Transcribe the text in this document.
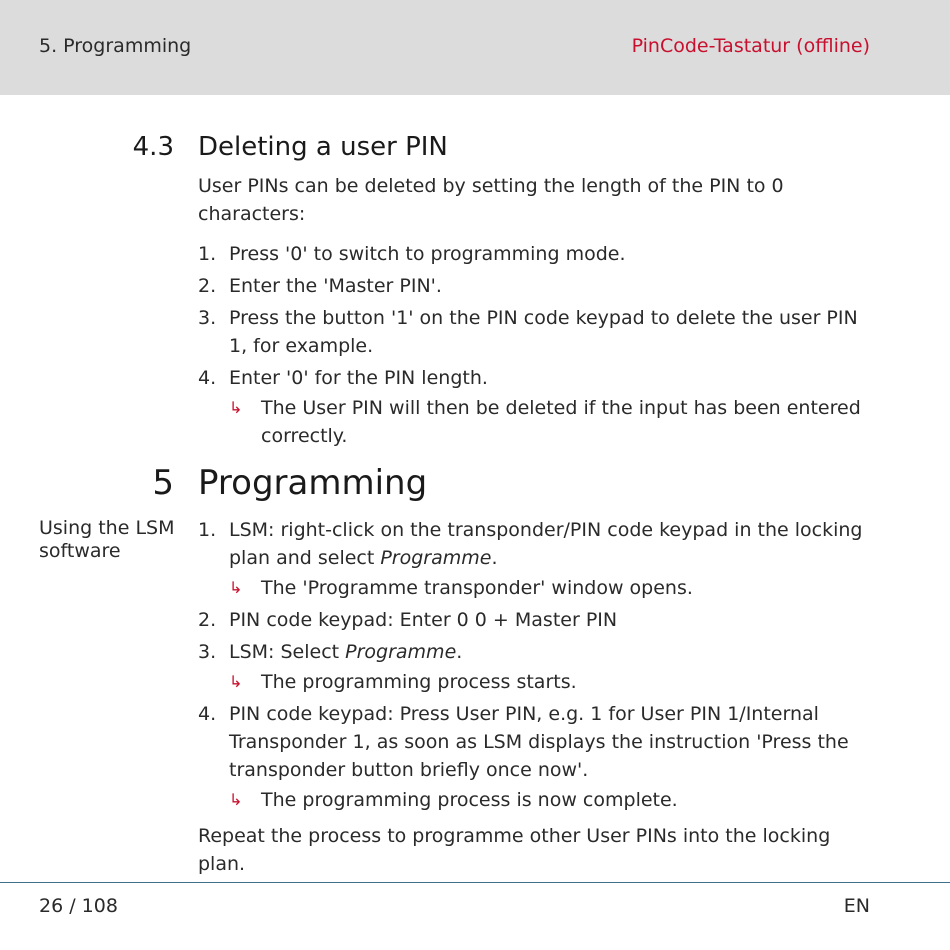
5. Programming	PinCode-Tastatur (offline)
4.3 Deleting a user PIN
User PINs can be deleted by setting the length of the PIN to 0 characters:
1. Press '0' to switch to programming mode.
2. Enter the 'Master PIN'.
3. Press the button '1' on the PIN code keypad to delete the user PIN 1, for example.
4. Enter '0' for the PIN length.
↳ The User PIN will then be deleted if the input has been entered correctly.
5 Programming
Using the LSM software
1. LSM: right-click on the transponder/PIN code keypad in the locking plan and select Programme.
↳ The 'Programme transponder' window opens.
2. PIN code keypad: Enter 0 0 + Master PIN
3. LSM: Select Programme.
↳ The programming process starts.
4. PIN code keypad: Press User PIN, e.g. 1 for User PIN 1/Internal Transponder 1, as soon as LSM displays the instruction 'Press the transponder button briefly once now'.
↳ The programming process is now complete.
Repeat the process to programme other User PINs into the locking plan.
26 / 108	EN
